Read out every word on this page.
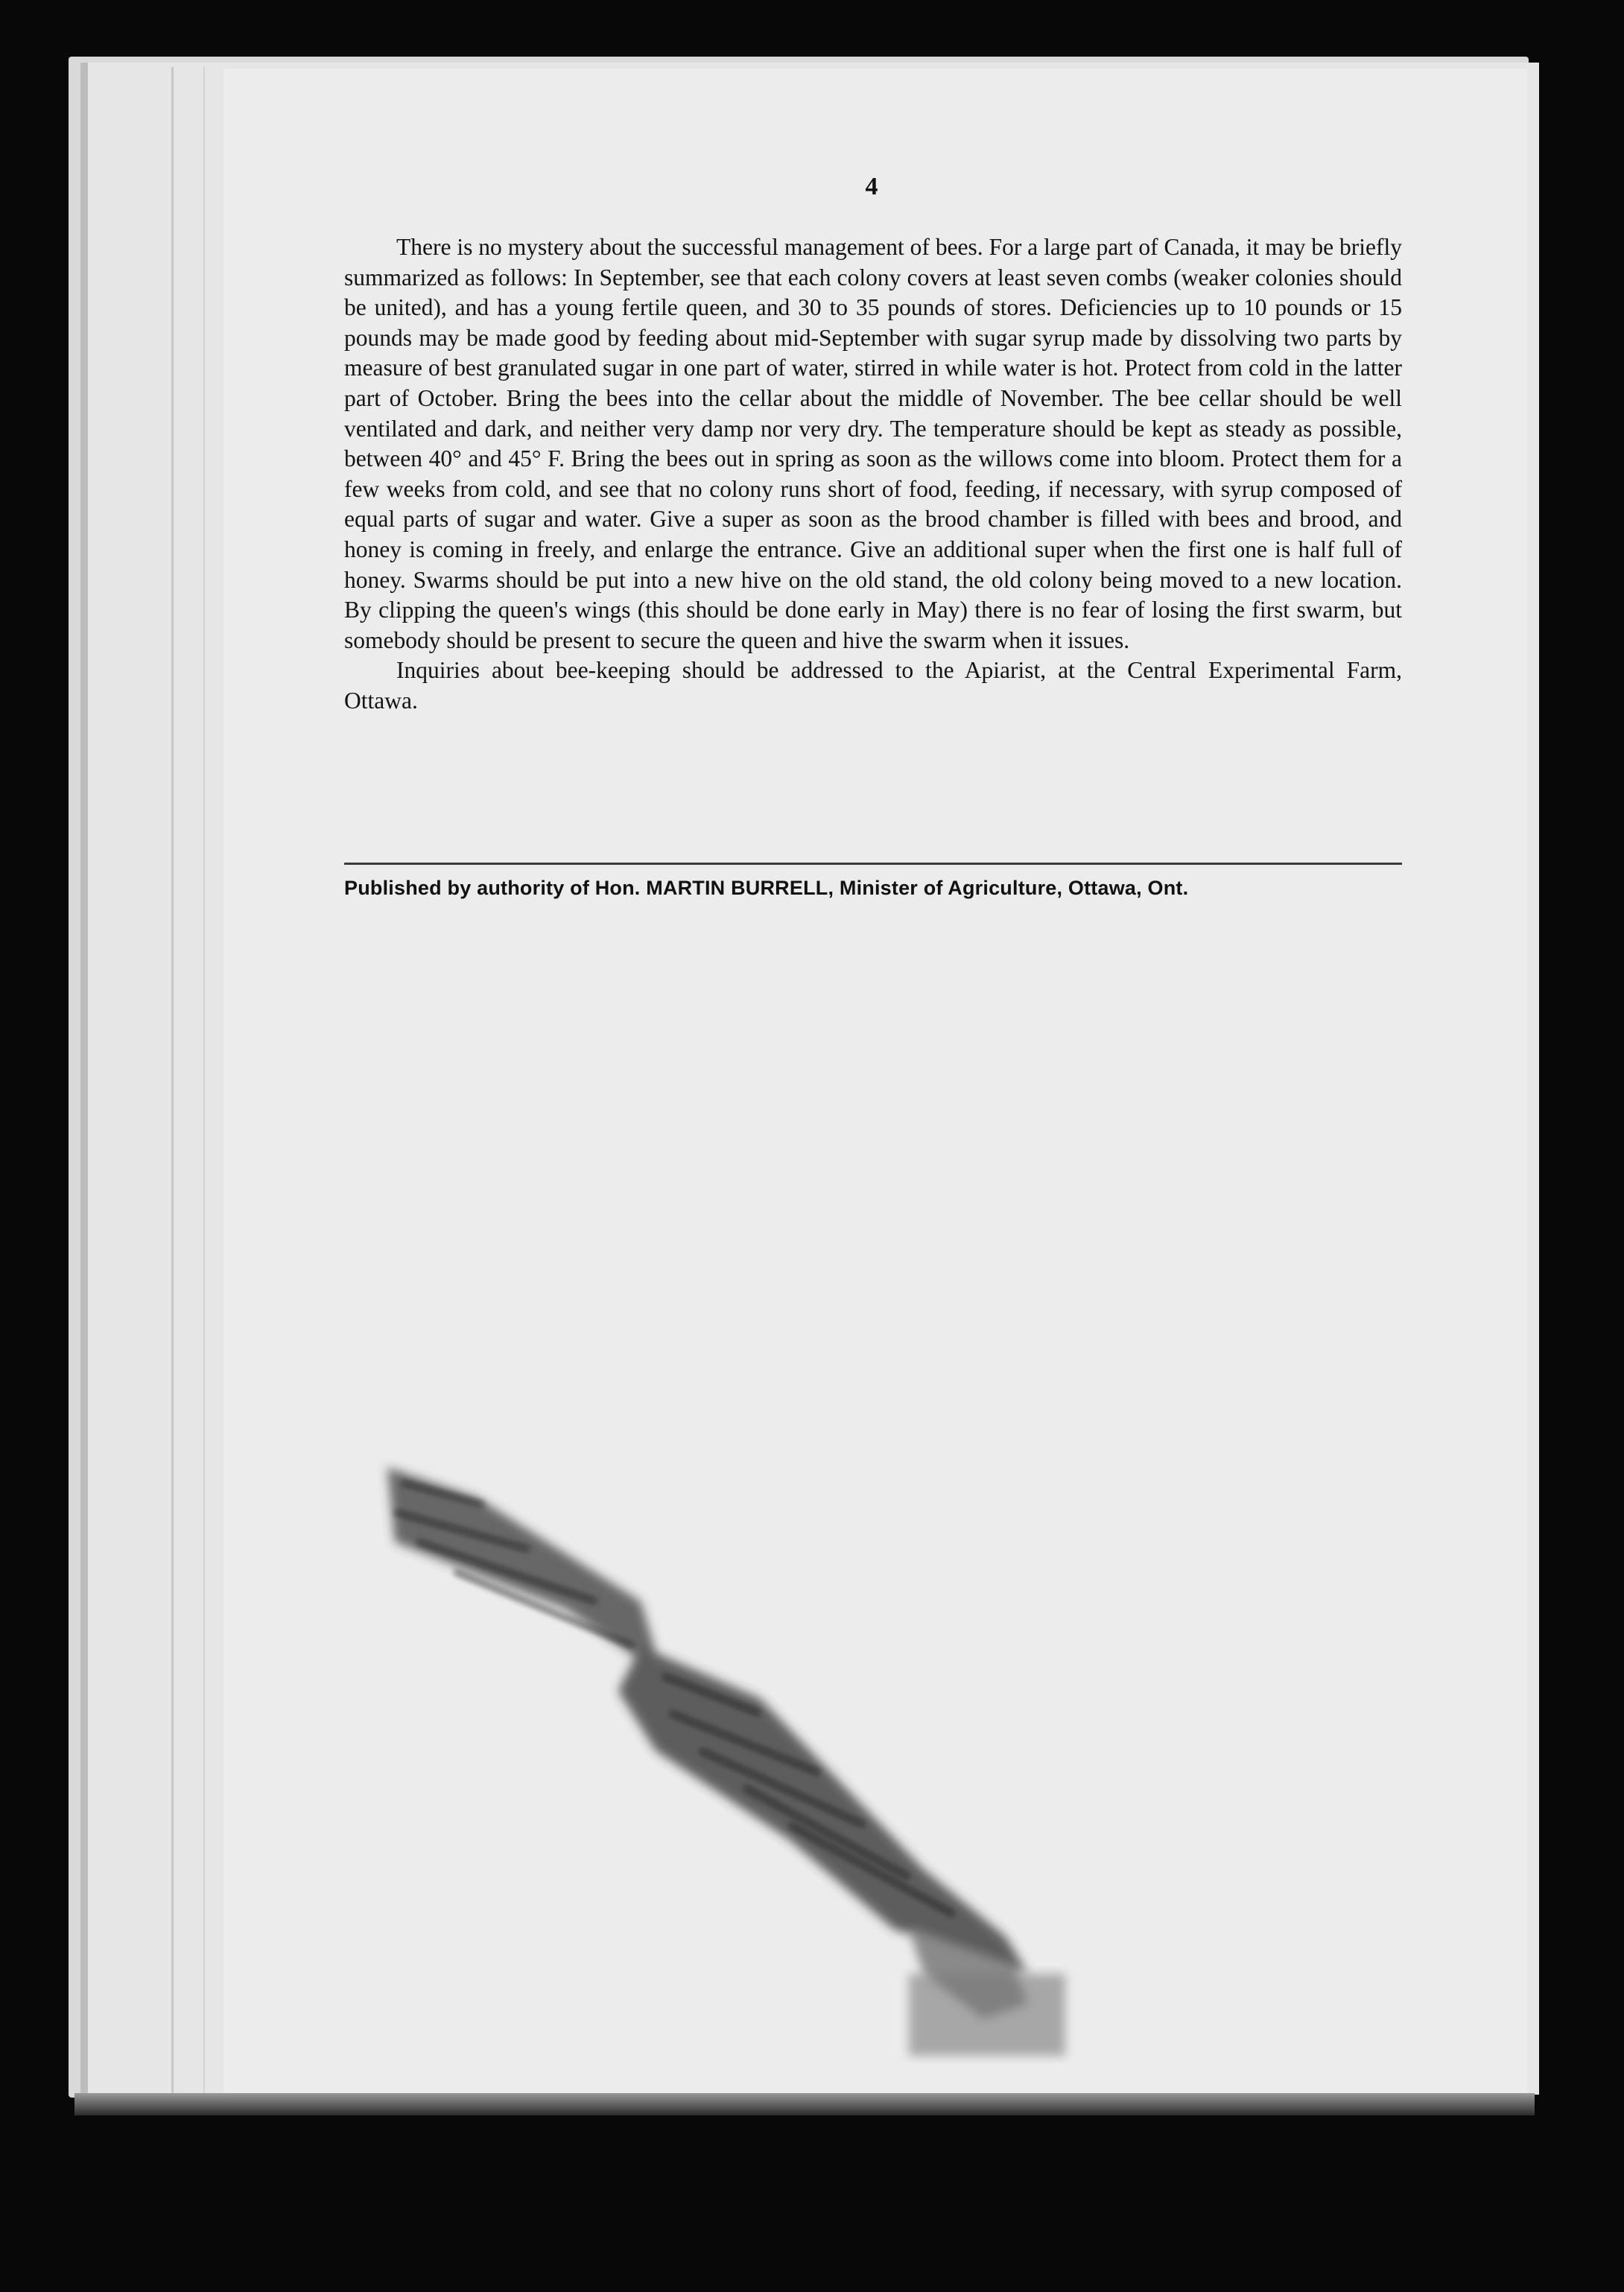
4

There is no mystery about the successful management of bees. For a large part of Canada, it may be briefly summarized as follows: In September, see that each colony covers at least seven combs (weaker colonies should be united), and has a young fertile queen, and 30 to 35 pounds of stores. Deficiencies up to 10 pounds or 15 pounds may be made good by feeding about mid-September with sugar syrup made by dissolving two parts by measure of best granulated sugar in one part of water, stirred in while water is hot. Protect from cold in the latter part of October. Bring the bees into the cellar about the middle of November. The bee cellar should be well ventilated and dark, and neither very damp nor very dry. The temperature should be kept as steady as possible, between 40° and 45° F. Bring the bees out in spring as soon as the willows come into bloom. Protect them for a few weeks from cold, and see that no colony runs short of food, feeding, if necessary, with syrup composed of equal parts of sugar and water. Give a super as soon as the brood chamber is filled with bees and brood, and honey is coming in freely, and enlarge the entrance. Give an additional super when the first one is half full of honey. Swarms should be put into a new hive on the old stand, the old colony being moved to a new location. By clipping the queen's wings (this should be done early in May) there is no fear of losing the first swarm, but somebody should be present to secure the queen and hive the swarm when it issues.

Inquiries about bee-keeping should be addressed to the Apiarist, at the Central Experimental Farm, Ottawa.

Published by authority of Hon. MARTIN BURRELL, Minister of Agriculture, Ottawa, Ont.
